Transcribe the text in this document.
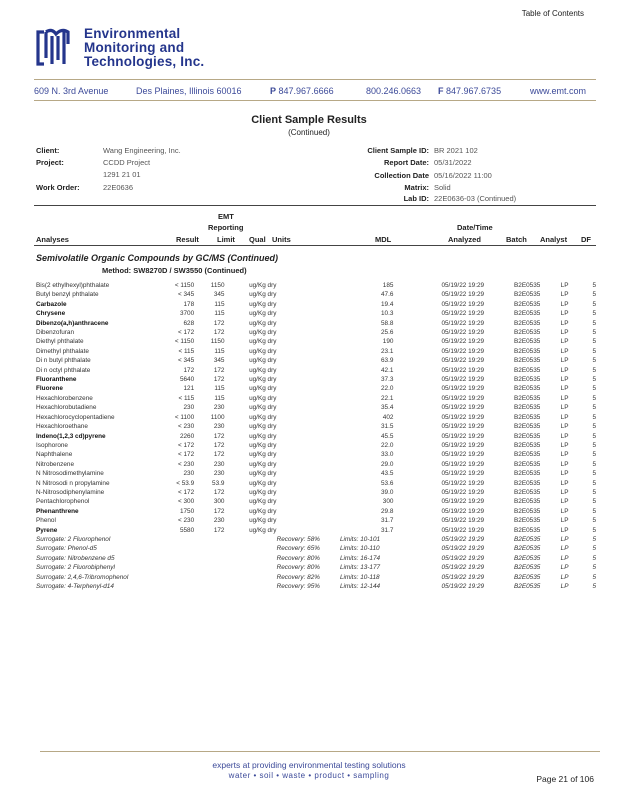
Table of Contents
Environmental
Monitoring and
Technologies, Inc.
609 N. 3rd Avenue	Des Plaines, Illinois 60016	P 847.967.6666	800.246.0663 F 847.967.6735	www.emt.com
Client Sample Results
(Continued)
Client:	Wang Engineering, Inc.
Project:	CCDD Project
1291 21 01
Work Order:	22E0636
Client Sample ID: BR 2021 102
Report Date: 05/31/2022
Collection Date 05/16/2022 11:00
Matrix: Solid
Lab ID: 22E0636-03 (Continued)
EMT
Reporting	Date/Time
Analyses	Result Limit Qual Units	MDL	Analyzed	Batch Analyst DF
Semivolatile Organic Compounds by GC/MS (Continued)
Method: SW8270D / SW3550 (Continued)
Bis(2 ethylhexyl)phthalate	< 1150	1150		ug/Kg dry	185	05/19/22 19:29	B2E0535	LP	5
Butyl benzyl phthalate	< 345	345		ug/Kg dry	47.6	05/19/22 19:29	B2E0535	LP	5
Carbazole	178	115		ug/Kg dry	19.4	05/19/22 19:29	B2E0535	LP	5
Chrysene	3700	115		ug/Kg dry	10.3	05/19/22 19:29	B2E0535	LP	5
Dibenzo(a,h)anthracene	628	172		ug/Kg dry	58.8	05/19/22 19:29	B2E0535	LP	5
Dibenzofuran	< 172	172		ug/Kg dry	25.6	05/19/22 19:29	B2E0535	LP	5
Diethyl phthalate	< 1150	1150		ug/Kg dry	190	05/19/22 19:29	B2E0535	LP	5
Dimethyl phthalate	< 115	115		ug/Kg dry	23.1	05/19/22 19:29	B2E0535	LP	5
Di n butyl phthalate	< 345	345		ug/Kg dry	63.9	05/19/22 19:29	B2E0535	LP	5
Di n octyl phthalate	172	172		ug/Kg dry	42.1	05/19/22 19:29	B2E0535	LP	5
Fluoranthene	5640	172		ug/Kg dry	37.3	05/19/22 19:29	B2E0535	LP	5
Fluorene	121	115		ug/Kg dry	22.0	05/19/22 19:29	B2E0535	LP	5
Hexachlorobenzene	< 115	115		ug/Kg dry	22.1	05/19/22 19:29	B2E0535	LP	5
Hexachlorobutadiene	230	230		ug/Kg dry	35.4	05/19/22 19:29	B2E0535	LP	5
Hexachlorocyclopentadiene	< 1100	1100		ug/Kg dry	402	05/19/22 19:29	B2E0535	LP	5
Hexachloroethane	< 230	230		ug/Kg dry	31.5	05/19/22 19:29	B2E0535	LP	5
Indeno(1,2,3 cd)pyrene	2260	172		ug/Kg dry	45.5	05/19/22 19:29	B2E0535	LP	5
Isophorone	< 172	172		ug/Kg dry	22.0	05/19/22 19:29	B2E0535	LP	5
Naphthalene	< 172	172		ug/Kg dry	33.0	05/19/22 19:29	B2E0535	LP	5
Nitrobenzene	< 230	230		ug/Kg dry	29.0	05/19/22 19:29	B2E0535	LP	5
N Nitrosodimethylamine	230	230		ug/Kg dry	43.5	05/19/22 19:29	B2E0535	LP	5
N Nitrosodi n propylamine	< 53.9	53.9		ug/Kg dry	53.6	05/19/22 19:29	B2E0535	LP	5
N-Nitrosodiphenylamine	< 172	172		ug/Kg dry	39.0	05/19/22 19:29	B2E0535	LP	5
Pentachlorophenol	< 300	300		ug/Kg dry	300	05/19/22 19:29	B2E0535	LP	5
Phenanthrene	1750	172		ug/Kg dry	29.8	05/19/22 19:29	B2E0535	LP	5
Phenol	< 230	230		ug/Kg dry	31.7	05/19/22 19:29	B2E0535	LP	5
Pyrene	5580	172		ug/Kg dry	31.7	05/19/22 19:29	B2E0535	LP	5
Surrogate: 2 Fluorophenol				Recovery: 58%	Limits: 10-101	05/19/22 19:29	B2E0535	LP	5
Surrogate: Phenol-d5				Recovery: 65%	Limits: 10-110	05/19/22 19:29	B2E0535	LP	5
Surrogate: Nitrobenzene d5				Recovery: 80%	Limits: 16-174	05/19/22 19:29	B2E0535	LP	5
Surrogate: 2 Fluorobiphenyl				Recovery: 80%	Limits: 13-177	05/19/22 19:29	B2E0535	LP	5
Surrogate: 2,4,6-Tribromophenol				Recovery: 82%	Limits: 10-118	05/19/22 19:29	B2E0535	LP	5
Surrogate: 4-Terphenyl-d14				Recovery: 95%	Limits: 12-144	05/19/22 19:29	B2E0535	LP	5
experts at providing environmental testing solutions
water • soil • waste • product • sampling	Page 21 of 106
